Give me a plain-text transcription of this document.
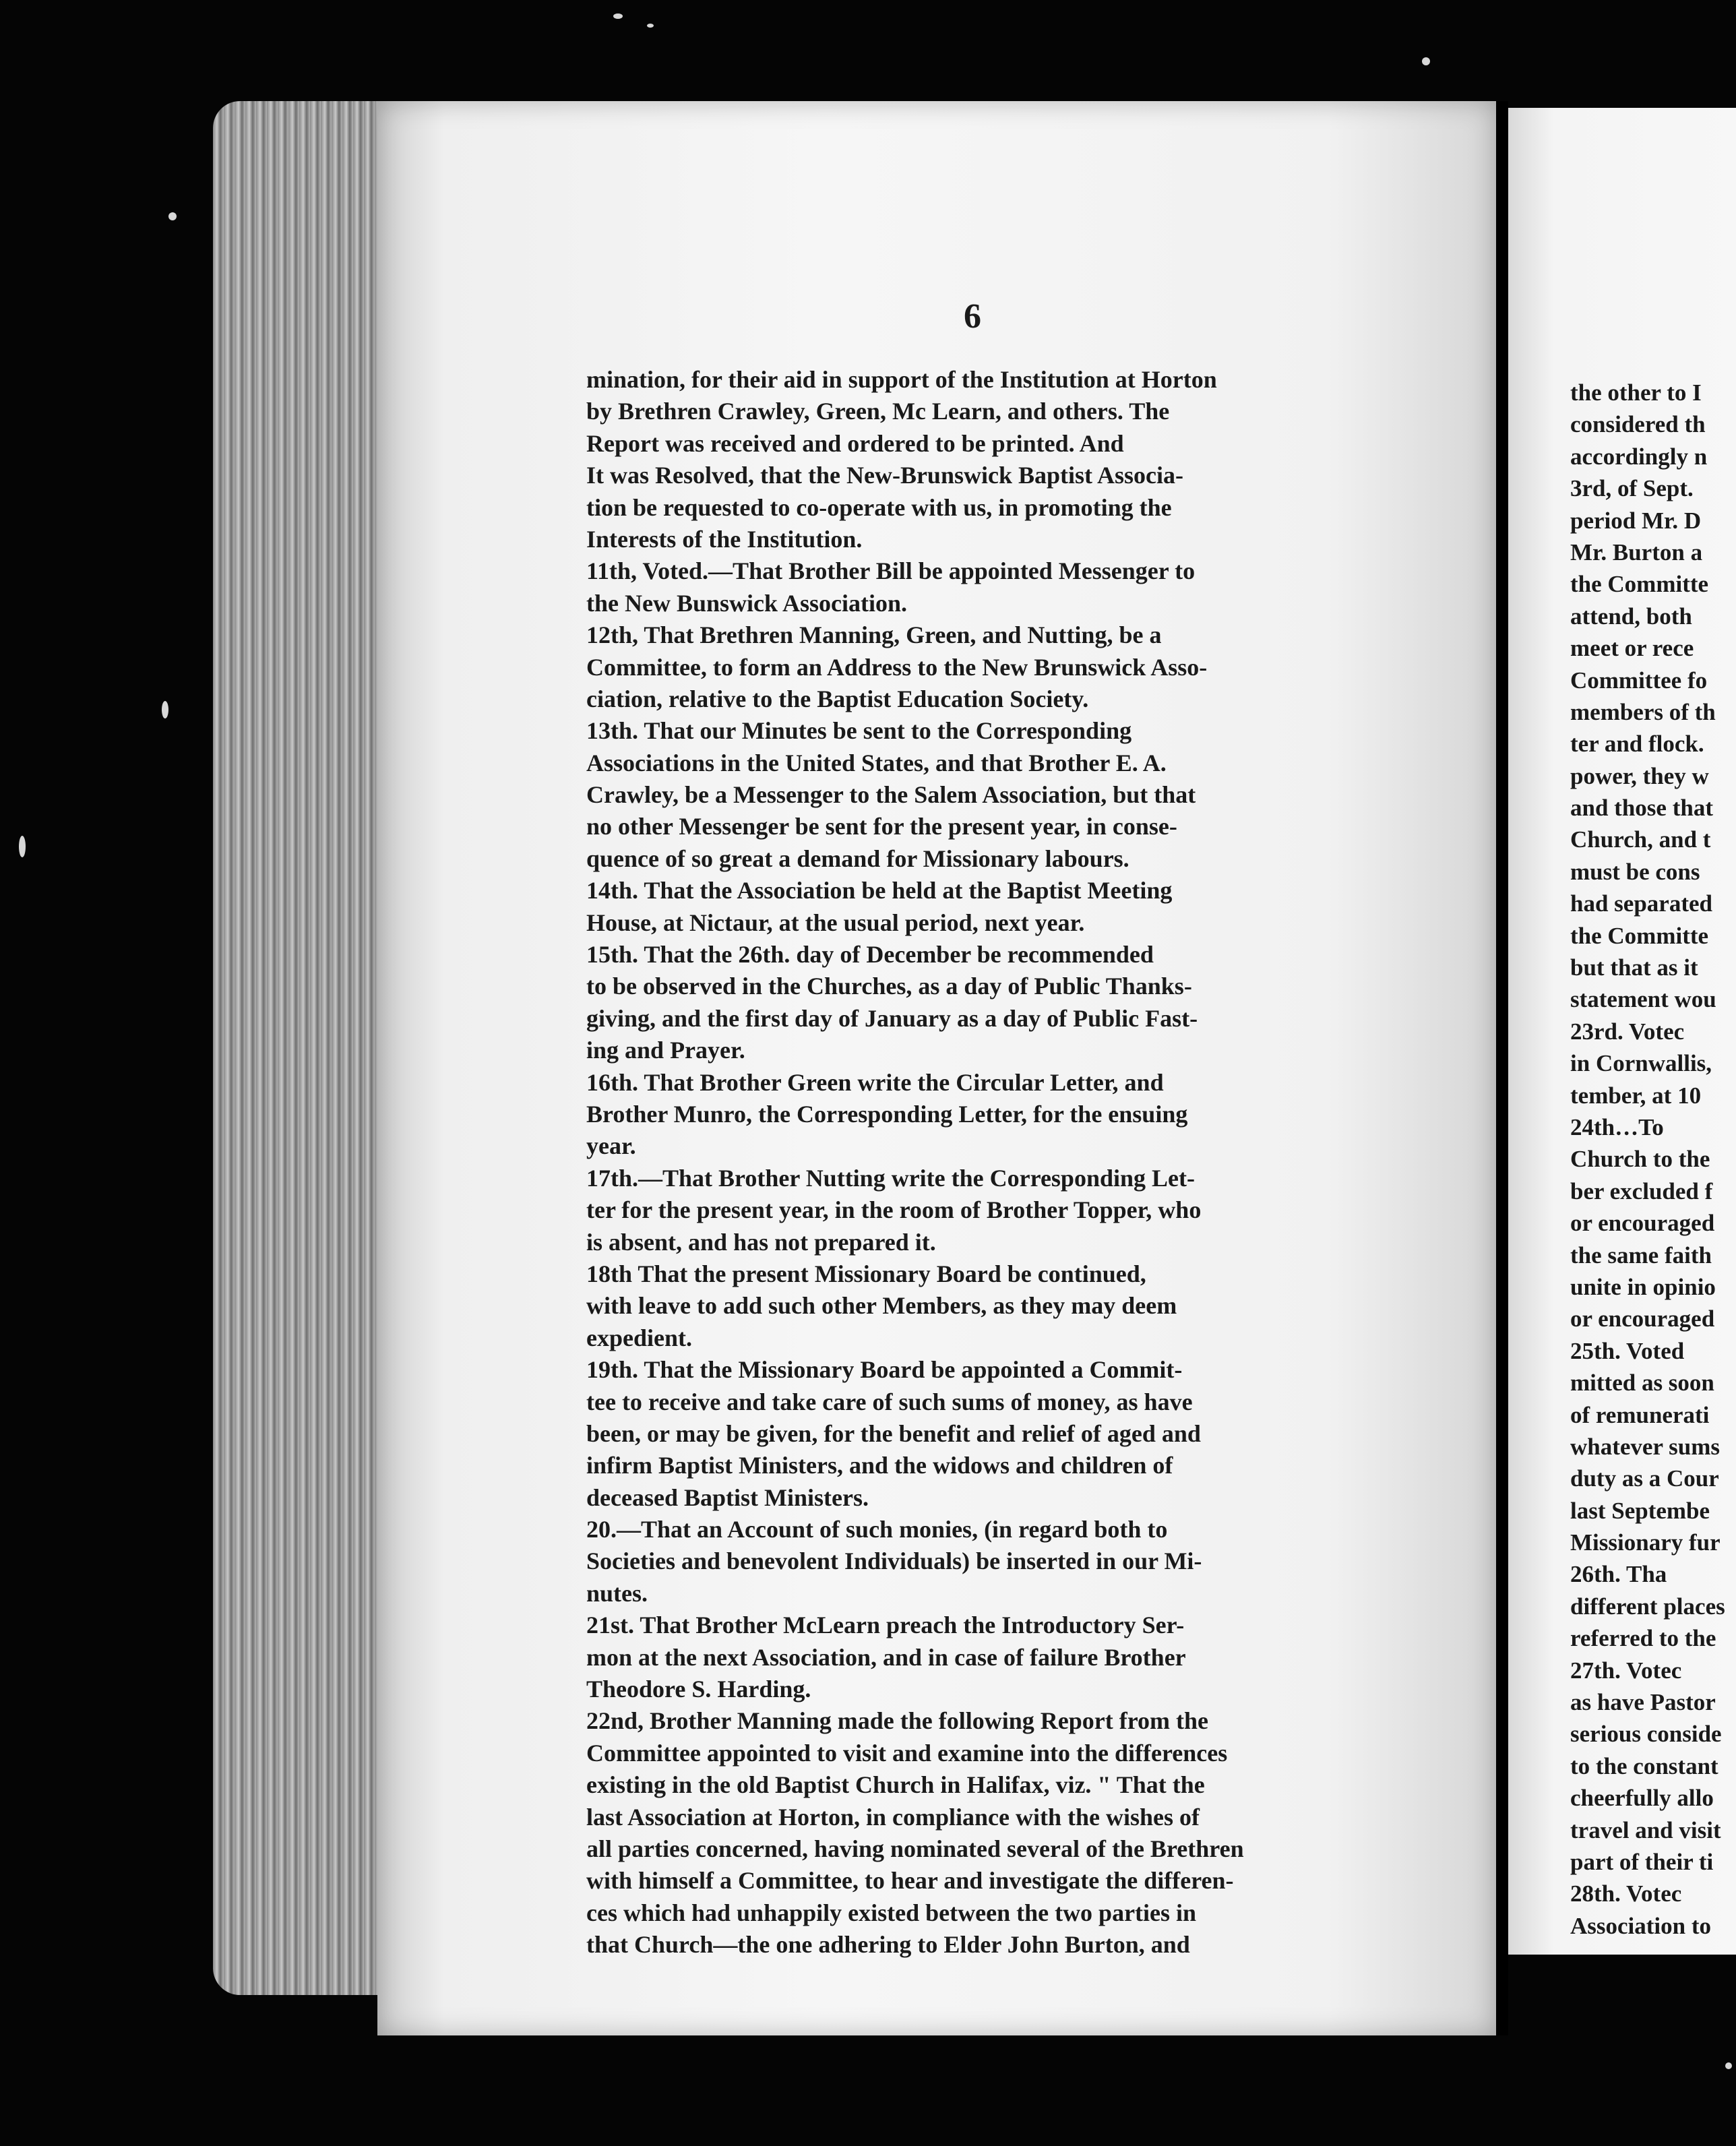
6
mination, for their aid in support of the Institution at Horton
by Brethren Crawley, Green, Mc Learn, and others. The
Report was received and ordered to be printed. And
It was Resolved, that the New-Brunswick Baptist Associa-
tion be requested to co-operate with us, in promoting the
Interests of the Institution.
11th, Voted.—That Brother Bill be appointed Messenger to
the New Bunswick Association.
12th, That Brethren Manning, Green, and Nutting, be a
Committee, to form an Address to the New Brunswick Asso-
ciation, relative to the Baptist Education Society.
13th. That our Minutes be sent to the Corresponding
Associations in the United States, and that Brother E. A.
Crawley, be a Messenger to the Salem Association, but that
no other Messenger be sent for the present year, in conse-
quence of so great a demand for Missionary labours.
14th. That the Association be held at the Baptist Meeting
House, at Nictaur, at the usual period, next year.
15th. That the 26th. day of December be recommended
to be observed in the Churches, as a day of Public Thanks-
giving, and the first day of January as a day of Public Fast-
ing and Prayer.
16th. That Brother Green write the Circular Letter, and
Brother Munro, the Corresponding Letter, for the ensuing
year.
17th.—That Brother Nutting write the Corresponding Let-
ter for the present year, in the room of Brother Topper, who
is absent, and has not prepared it.
18th That the present Missionary Board be continued,
with leave to add such other Members, as they may deem
expedient.
19th. That the Missionary Board be appointed a Commit-
tee to receive and take care of such sums of money, as have
been, or may be given, for the benefit and relief of aged and
infirm Baptist Ministers, and the widows and children of
deceased Baptist Ministers.
20.—That an Account of such monies, (in regard both to
Societies and benevolent Individuals) be inserted in our Mi-
nutes.
21st. That Brother McLearn preach the Introductory Ser-
mon at the next Association, and in case of failure Brother
Theodore S. Harding.
22nd, Brother Manning made the following Report from the
Committee appointed to visit and examine into the differences
existing in the old Baptist Church in Halifax, viz. " That the
last Association at Horton, in compliance with the wishes of
all parties concerned, having nominated several of the Brethren
with himself a Committee, to hear and investigate the differen-
ces which had unhappily existed between the two parties in
that Church—the one adhering to Elder John Burton, and
the other to I
considered th
accordingly n
3rd, of Sept.
period Mr. D
Mr. Burton a
the Committe
attend, both
meet or rece
Committee fo
members of th
ter and flock.
power, they w
and those that
Church, and t
must be cons
had separated
the Committe
but that as it
statement wou
23rd. Votec
in Cornwallis,
tember, at 10
24th…To
Church to the
ber excluded f
or encouraged
the same faith
unite in opinio
or encouraged
25th. Voted
mitted as soon
of remunerati
whatever sums
duty as a Cour
last Septembe
Missionary fur
26th. Tha
different places
referred to the
27th. Votec
as have Pastor
serious conside
to the constant
cheerfully allo
travel and visit
part of their ti
28th. Votec
Association to
